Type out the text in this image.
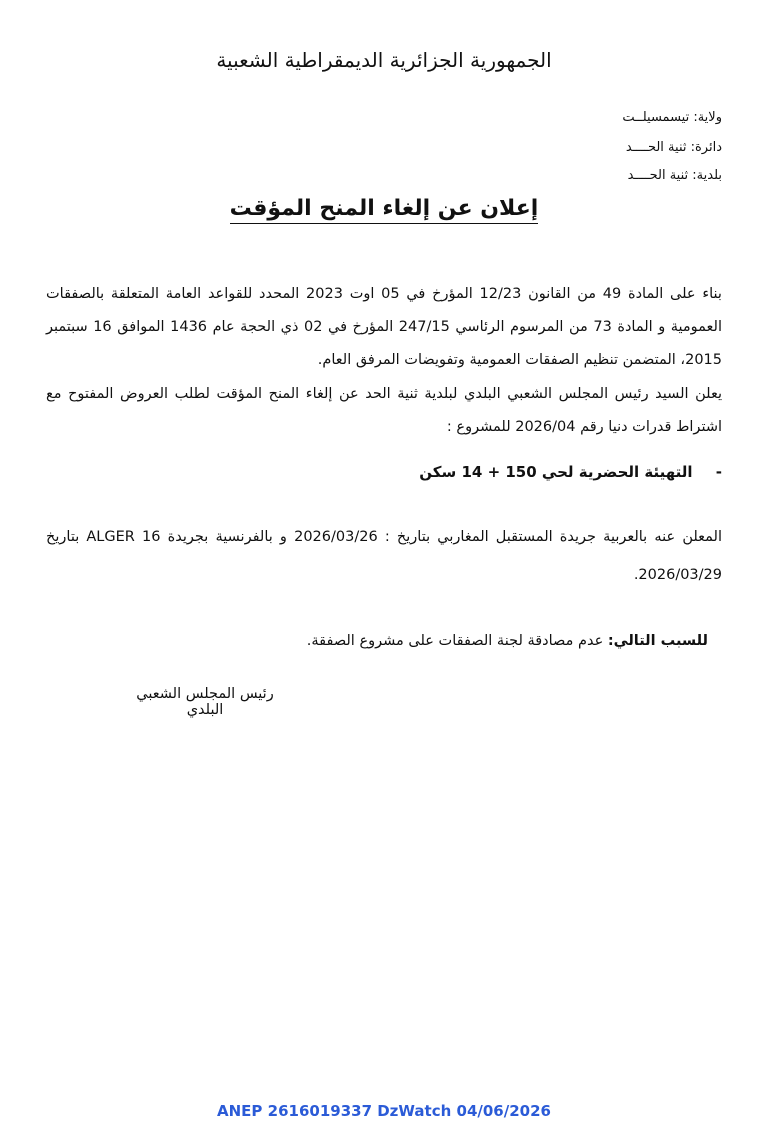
الجمهورية الجزائرية الديمقراطية الشعبية
ولاية: تيسمسيلــت
دائرة: ثنية الحــــد
بلدية: ثنية الحــــد
إعلان عن إلغاء المنح المؤقت
بناء على المادة 49 من القانون 12/23 المؤرخ في 05 اوت 2023 المحدد للقواعد العامة المتعلقة بالصفقات العمومية و المادة 73 من المرسوم الرئاسي 247/15 المؤرخ في 02 ذي الحجة عام 1436 الموافق 16 سبتمبر 2015، المتضمن تنظيم الصفقات العمومية وتفويضات المرفق العام.
يعلن السيد رئيس المجلس الشعبي البلدي لبلدية ثنية الحد عن إلغاء المنح المؤقت لطلب العروض المفتوح مع اشتراط قدرات دنيا رقم 2026/04 للمشروع :
- التهيئة الحضرية لحي 150 + 14 سكن
المعلن عنه بالعربية جريدة المستقبل المغاربي بتاريخ : 2026/03/26 و بالفرنسية بجريدة ALGER 16 بتاريخ 2026/03/29.
للسبب التالي: عدم مصادقة لجنة الصفقات على مشروع الصفقة.
رئيس المجلس الشعبي البلدي
ANEP 2616019337 DzWatch 04/06/2026
